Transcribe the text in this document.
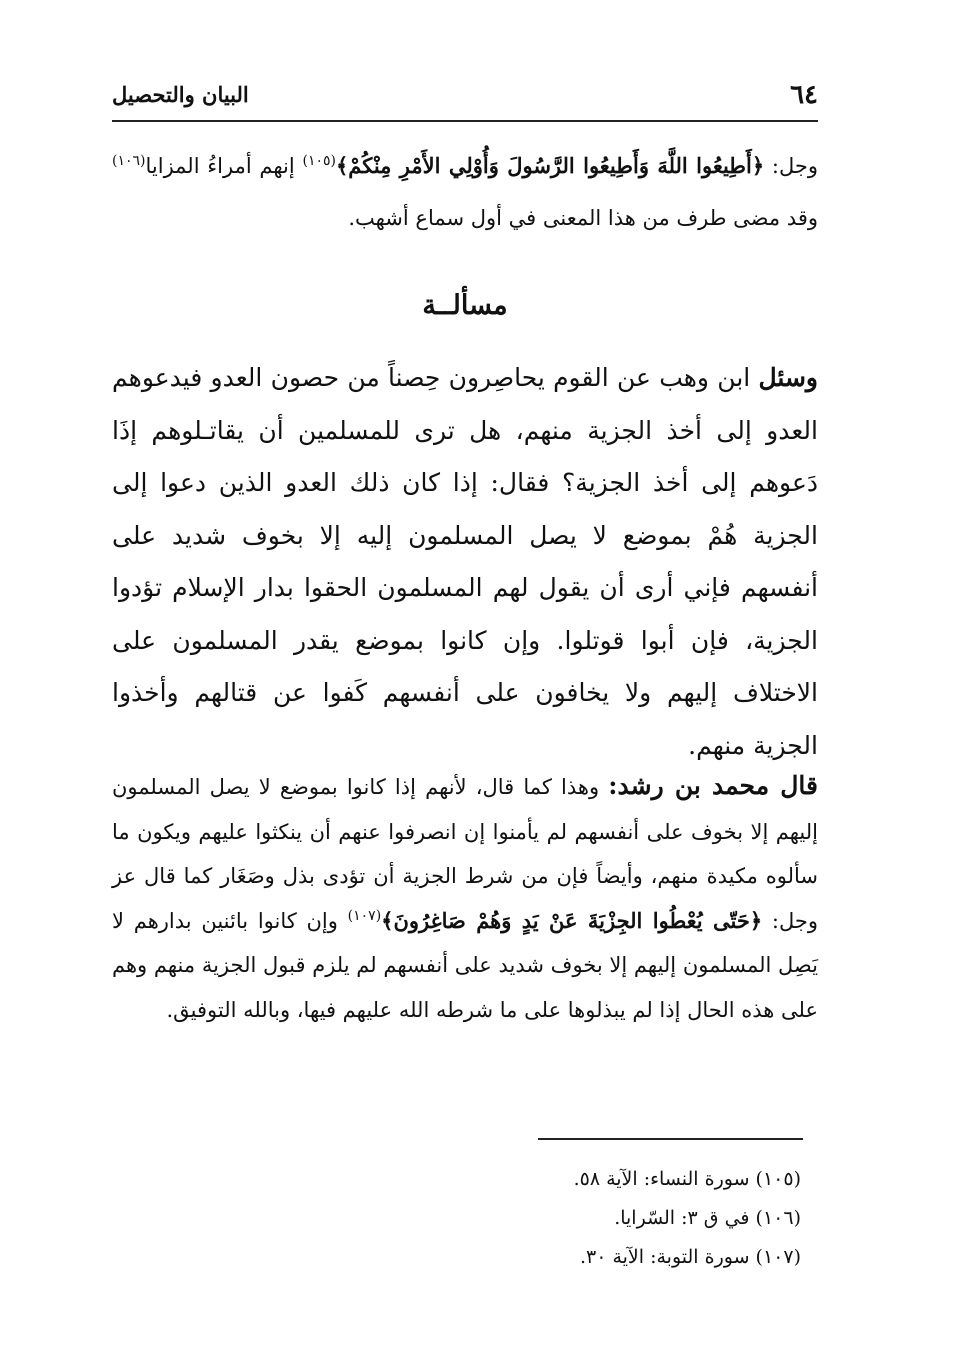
٦٤
البيان والتحصيل

وجل: ﴿أَطِيعُوا اللَّهَ وَأَطِيعُوا الرَّسُولَ وَأُوْلِي الأَمْرِ مِنْكُمْ﴾$^{(١٠٥)}$ إنهم أمراءُ المزايا$^{(١٠٦)}$ وقد مضى طرف من هذا المعنى في أول سماع أشهب.

مسألــة

وسئل ابن وهب عن القوم يحاصِرون حِصناً من حصون العدو فيدعوهم العدو إلى أخذ الجزية منهم، هل ترى للمسلمين أن يقاتـلوهم إذَا دَعوهم إلى أخذ الجزية؟ فقال: إذا كان ذلك العدو الذين دعوا إلى الجزية هُمْ بموضع لا يصل المسلمون إليه إلا بخوف شديد على أنفسهم فإني أرى أن يقول لهم المسلمون الحقوا بدار الإسلام تؤدوا الجزية، فإن أبوا قوتلوا. وإن كانوا بموضع يقدر المسلمون على الاختلاف إليهم ولا يخافون على أنفسهم كَفوا عن قتالهم وأخذوا الجزية منهم.

قال محمد بن رشد: وهذا كما قال، لأنهم إذا كانوا بموضع لا يصل المسلمون إليهم إلا بخوف على أنفسهم لم يأمنوا إن انصرفوا عنهم أن ينكثوا عليهم ويكون ما سألوه مكيدة منهم، وأيضاً فإن من شرط الجزية أن تؤدى بذل وصَغَار كما قال عز وجل: ﴿حَتّى يُعْطُوا الجِزْيَةَ عَنْ يَدٍ وَهُمْ صَاغِرُونَ﴾$^{(١٠٧)}$ وإن كانوا بائنين بدارهم لا يَصِل المسلمون إليهم إلا بخوف شديد على أنفسهم لم يلزم قبول الجزية منهم وهم على هذه الحال إذا لم يبذلوها على ما شرطه الله عليهم فيها، وبالله التوفيق.

(١٠٥) سورة النساء: الآية ٥٨.
(١٠٦) في ق ٣: السّرايا.
(١٠٧) سورة التوبة: الآية ٣٠.
